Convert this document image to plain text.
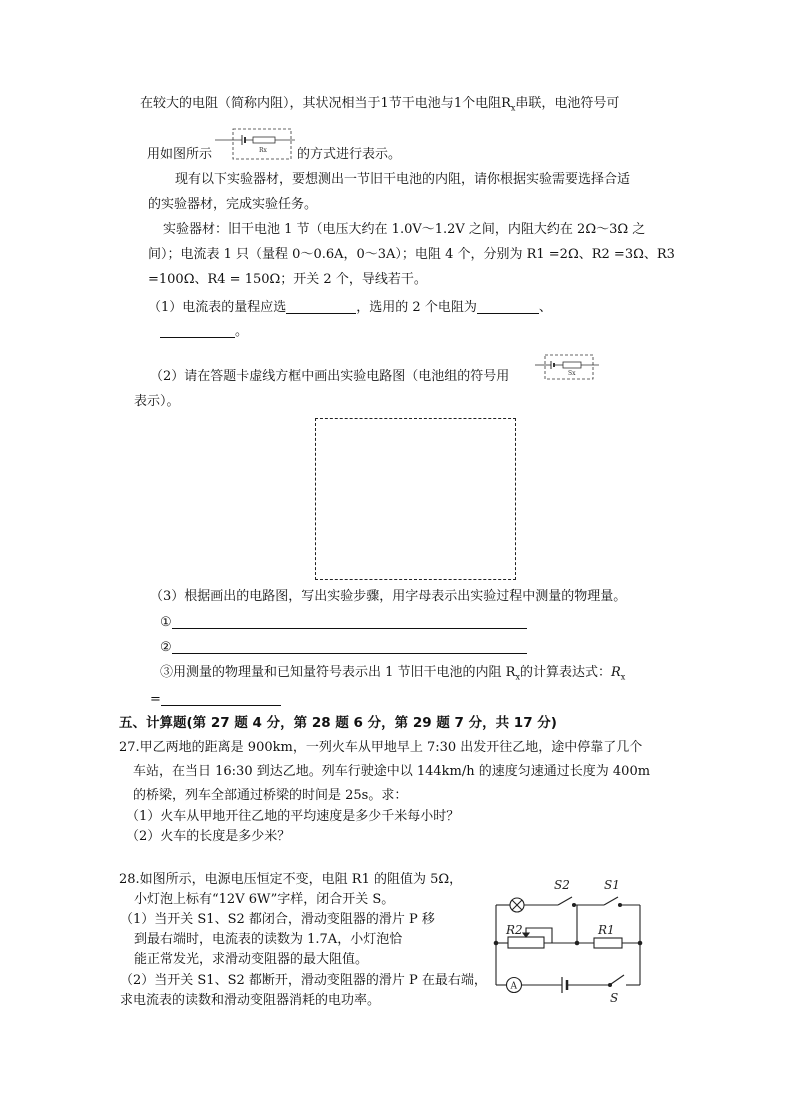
在较大的电阻（简称内阻），其状况相当于1节干电池与1个电阻$R_x$串联，电池符号可
用如图所示	Rx 的方式进行表示。
现有以下实验器材，要想测出一节旧干电池的内阻，请你根据实验需要选择合适
的实验器材，完成实验任务。
实验器材：旧干电池 1 节（电压大约在 1.0V～1.2V 之间，内阻大约在 2Ω～3Ω 之
间）；电流表 1 只（量程 0～0.6A，0～3A）；电阻 4 个，分别为 R1 =2Ω、R2 =3Ω、R3
=100Ω、R4 = 150Ω；开关 2 个，导线若干。
（1）电流表的量程应选	，选用的 2 个电阻为	、
。
（2）请在答题卡虚线方框中画出实验电路图（电池组的符号用	Sx
表示）。
（3）根据画出的电路图，写出实验步骤，用字母表示出实验过程中测量的物理量。
①
②
③用测量的物理量和已知量符号表示出 1 节旧干电池的内阻 $R_x$的计算表达式：$R_x$
=
五、计算题(第 27 题 4 分，第 28 题 6 分，第 29 题 7 分，共 17 分)
27.甲乙两地的距离是 900km，一列火车从甲地早上 7:30 出发开往乙地，途中停靠了几个
车站，在当日 16:30 到达乙地。列车行驶途中以 144km/h 的速度匀速通过长度为 400m
的桥梁，列车全部通过桥梁的时间是 25s。求：
（1）火车从甲地开往乙地的平均速度是多少千米每小时？
（2）火车的长度是多少米？
28.如图所示，电源电压恒定不变，电阻 R1 的阻值为 5Ω，
小灯泡上标有“12V 6W”字样，闭合开关 S。
（1）当开关 S1、S2 都闭合，滑动变阻器的滑片 P 移
到最右端时，电流表的读数为 1.7A，小灯泡恰
能正常发光，求滑动变阻器的最大阻值。
（2）当开关 S1、S2 都断开，滑动变阻器的滑片 P 在最右端，
求电流表的读数和滑动变阻器消耗的电功率。
S2	S1
R2	R1
A
S
